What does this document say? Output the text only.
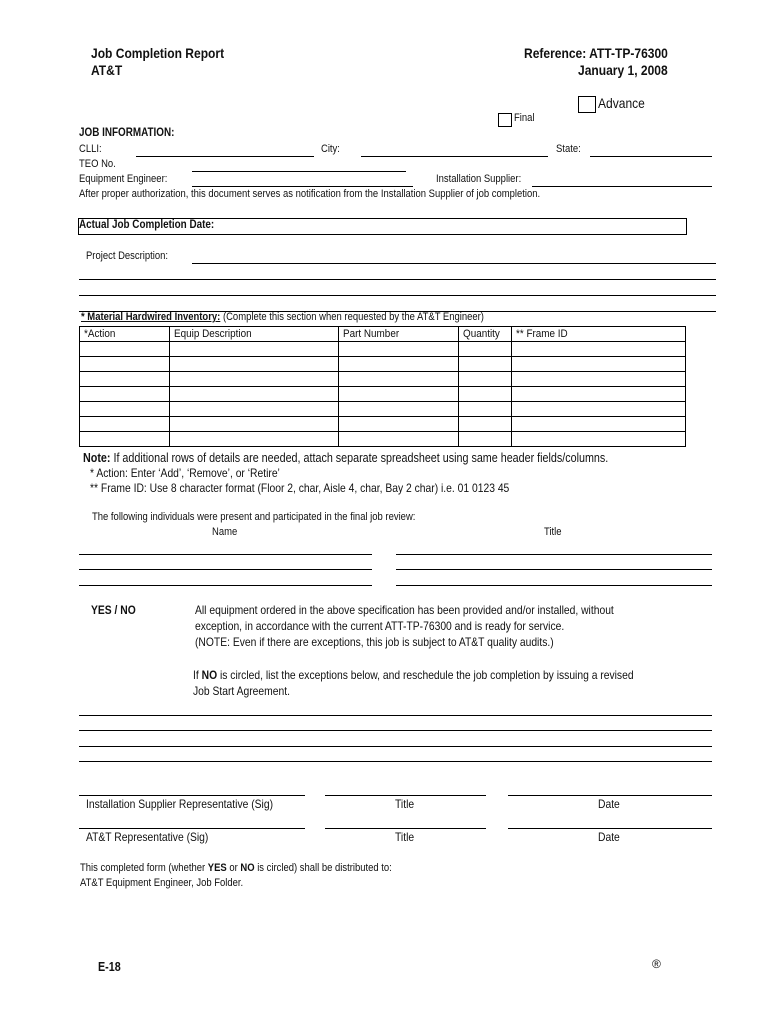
Job Completion Report
AT&T
Reference: ATT-TP-76300
January 1, 2008
Advance
Final
JOB INFORMATION:
CLLI:	City:	State:
TEO No.
Equipment Engineer:	Installation Supplier:
After proper authorization, this document serves as notification from the Installation Supplier of job completion.
Actual Job Completion Date:
Project Description:
* Material Hardwired Inventory: (Complete this section when requested by the AT&T Engineer)
*Action	Equip Description	Part Number	Quantity	** Frame ID

Note: If additional rows of details are needed, attach separate spreadsheet using same header fields/columns.
* Action: Enter ‘Add’, ‘Remove’, or ‘Retire’
** Frame ID: Use 8 character format (Floor 2, char, Aisle 4, char, Bay 2 char) i.e. 01 0123 45
The following individuals were present and participated in the final job review:
Name	Title
YES / NO	All equipment ordered in the above specification has been provided and/or installed, without
exception, in accordance with the current ATT-TP-76300 and is ready for service.
(NOTE: Even if there are exceptions, this job is subject to AT&T quality audits.)
If NO is circled, list the exceptions below, and reschedule the job completion by issuing a revised
Job Start Agreement.
Installation Supplier Representative (Sig)	Title	Date
AT&T Representative (Sig)	Title	Date
This completed form (whether YES or NO is circled) shall be distributed to:
AT&T Equipment Engineer, Job Folder.
E-18	®
